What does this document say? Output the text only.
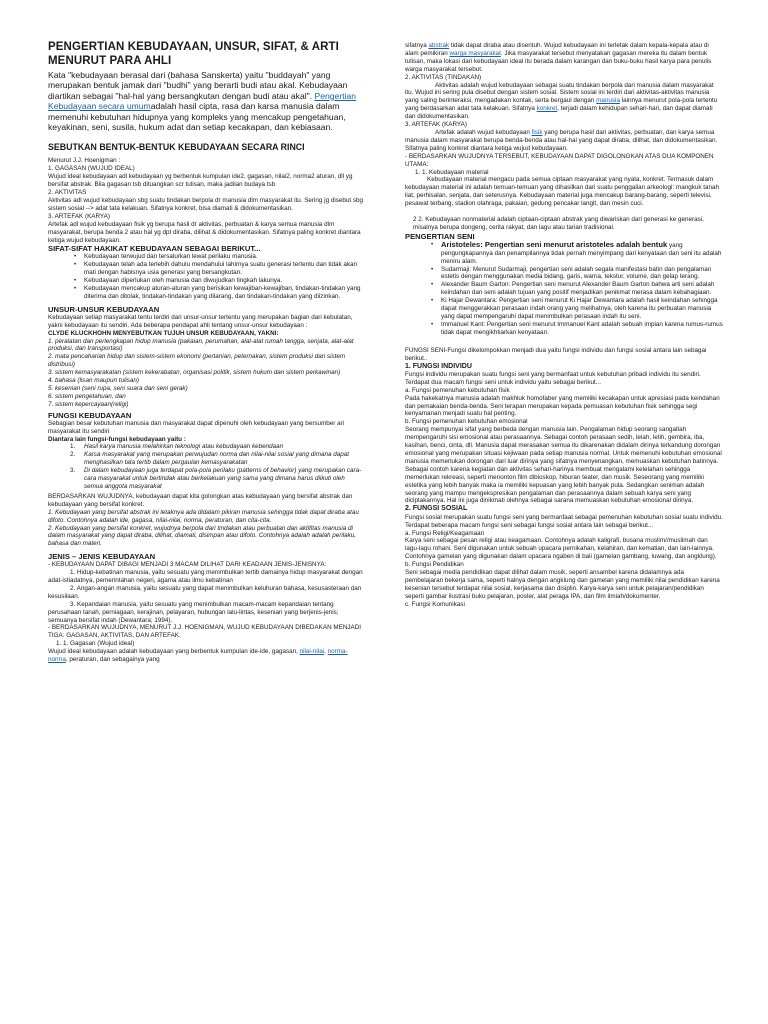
PENGERTIAN KEBUDAYAAN, UNSUR, SIFAT, & ARTI MENURUT PARA AHLI

Kata "kebudayaan berasal dari (bahasa Sanskerta) yaitu "buddayah" yang merupakan bentuk jamak dari "budhi" yang berarti budi atau akal. Kebudayaan diartikan sebagai "hal-hal yang bersangkutan dengan budi atau akal". Pengertian Kebudayaan secara umumadalah hasil cipta, rasa dan karsa manusia dalam memenuhi kebutuhan hidupnya yang kompleks yang mencakup pengetahuan, keyakinan, seni, susila, hukum adat dan setiap kecakapan, dan kebiasaan.

SEBUTKAN BENTUK-BENTUK KEBUDAYAAN SECARA RINCI

Menurut J.J. Hoenigman :

1. GAGASAN (WUJUD IDEAL)

Wujud ideal kebudayaan adl kebudayaan yg berbentuk kumpulan ide2, gagasan, nilai2, norma2 aturan, dll yg bersifat abstrak. Bila gagasan tsb dituangkan scr tulisan, maka jadilan budaya tsb

2. AKTIVITAS

Aktivitas adl wujud kebudayaan sbg suatu tindakan berpola dr manusia dlm masyarakat itu. Sering jg disebut sbg sistem sosial --> adat tata kelakuan. Sifatnya konkret, bisa diamati & didokumentasikan.

3. ARTEFAK (KARYA)

Artefak adl wujud kebudayaan fisik yg berupa hasil dr aktivitas, perbuatan & karya semua manusia dlm masyarakat, berupa benda 2 atau hal yg dpt diraba, dilihat & didokumentasikan. Sifatnya paling konkret diantara ketiga wujud kebudayaan.

SIFAT-SIFAT HAKIKAT KEBUDAYAAN SEBAGAI BERIKUT...

• Kebudayaan terwujud dan tersalurkan lewat perilaku manusia.
• Kebudayaan telah ada terlebih dahulu mendahului lahirnya suatu generasi tertentu dan tidak akan mati dengan habisnya usia generasi yang bersangkutan.
• Kebudayaan diperlukan oleh manusia dan diwujudkan tingkah lakunya.
• Kebudayaan mencakup aturan-aturan yang berisikan kewajiban-kewajiban, tindakan-tindakan yang diterima dan ditolak, tindakan-tindakan yang dilarang, dan tindakan-tindakan yang diizinkan.

UNSUR-UNSUR KEBUDAYAAN

Kebudayaan setiap masyarakat tentu terdiri dari unsur-unsur tertentu yang merupakan bagian dari kebulatan, yakni kebudayaan itu sendiri. Ada beberapa pendapat ahli tentang unsur-unsur kebudayaan :

CLYDE KLUCKHOHN MENYEBUTKAN TUJUH UNSUR KEBUDAYAAN, YAKNI:

1. peralatan dan perlengkapan hidup manusia (pakaian, perumahan, alat-alat rumah tangga, senjata, alat-alat produksi, dan transportasi)

2. mata pencaharian hidup dan sistem-sistem ekonomi (pertanian, peternakan, sistem produksi dan sistem distribusi)

3. sistem kemasyarakatan (sistem kekerabatan, organisasi politik, sistem hukum dan sistem perkawinan)

4. bahasa (lisan maupun tulisan)

5. kesenian (seni rupa, seni suara dan seni gerak)

6. sistem pengetahuan, dan

7. sistem kepercayaan(religi)

FUNGSI KEBUDAYAAN

Sebagian besar kebutuhan manusia dan masyarakat dapat dipenuhi oleh kebudayaan yang bersumber ari masyarakat itu sendiri

Diantara lain fungsi-fungsi kebudayaan yaitu :

1. Hasil karya manusia melahirkan teknologi atau kebudayaan kebendaan
2. Karsa masyarakat yang merupakan perwujudan norma dan nilai-nilai sosial yang dimana dapat menghasilkan tata tertib dalam pergaulan kemasyarakatan
3. Di dalam kebudayaan juga terdapat pola-pola perilaku (patterns of behavior) yang merupakan cara-cara masyarakat untuk bertindak atau berkelakuan yang sama yang dimana harus diikuti oleh semua anggota masyarakat

BERDASARKAN WUJUDNYA, kebudayaan dapat kita golongkan atas kebudayaan yang bersifat abstrak dan kebudayaan yang bersifat konkret.

1. Kebudayaan yang bersifat abstrak ini letaknya ada didalam pikiran manusia sehingga tidak dapat diraba atau difoto. Contohnya adalah ide, gagasa, nilai-nilai, norma, peraturan, dan cita-cita.

2. Kebudayaan yang bersifat konkret, wujudnya berpola dari tindakan atau perbuatan dan aktifitas manusia di dalam masyarakat yang dapat diraba, dilihat, diamati, disimpan atau difoto. Contohnya adalah adalah perilaku, bahasa dan materi.

JENIS – JENIS KEBUDAYAAN

- KEBUDAYAAN DAPAT DIBAGI MENJADI 3 MACAM DILIHAT DARI KEADAAN JENIS-JENISNYA:

1. Hidup-kebatinan manusia, yaitu sesuatu yang menimbulkan tertib damainya hidup masyarakat dengan adat-istiadatnya, pemerintahan negeri, agama atau ilmu kebatinan

2. Angan-angan manusia, yaitu sesuatu yang dapat menimbulkan keluhuran bahasa, kesusasteraan dan kesusilaan.

3. Kepandaian manusia, yaitu sesuatu yang menimbulkan macam-macam kepandaian tentang perusahaan tanah, perniagaan, kerajinan, pelayaran, hubungan lalu-lintas, kesenian yang berjenis-jenis; semuanya bersifat indah (Dewantara; 1994).

- BERDASARKAN WUJUDNYA, MENURUT J.J. HOENIGMAN, WUJUD KEBUDAYAAN DIBEDAKAN MENJADI TIGA: GAGASAN, AKTIVITAS, DAN ARTEFAK.

1. 1. Gagasan (Wujud ideal)

Wujud ideal kebudayaan adalah kebudayaan yang berbentuk kumpulan ide-ide, gagasan, nilai-nilai, norma-norma, peraturan, dan sebagainya yang

sifatnya abstrak tidak dapat diraba atau disentuh. Wujud kebudayaan ini terletak dalam kepala-kepala atau di alam pemikiran warga masyarakat. Jika masyarakat tersebut menyatakan gagasan mereka itu dalam bentuk tulisan, maka lokasi dari kebudayaan ideal itu berada dalam karangan dan buku-buku hasil karya para penulis warga masyarakat tersebut.

2. AKTIVITAS (TINDAKAN)

Aktivitas adalah wujud kebudayaan sebagai suatu tindakan berpola dari manusia dalam masyarakat itu. Wujud ini sering pula disebut dengan sistem sosial. Sistem sosial ini terdiri dari aktivitas-aktivitas manusia yang saling berinteraksi, mengadakan kontak, serta bergaul dengan manusia lainnya menurut pola-pola tertentu yang berdasarkan adat tata kelakuan. Sifatnya konkret, terjadi dalam kehidupan sehari-hari, dan dapat diamati dan didokumentasikan.

3. ARTEFAK (KARYA)

Artefak adalah wujud kebudayaan fisik yang berupa hasil dari aktivitas, perbuatan, dan karya semua manusia dalam masyarakat berupa benda-benda atau hal-hal yang dapat diraba, dilihat, dan didokumentasikan. Sifatnya paling konkret diantara ketiga wujud kebudayaan.

- BERDASARKAN WUJUDNYA TERSEBUT, KEBUDAYAAN DAPAT DIGOLONGKAN ATAS DUA KOMPONEN UTAMA:

1. 1. Kebudayaan material

Kebudayaan material mengacu pada semua ciptaan masyarakat yang nyata, konkret. Termasuk dalam kebudayaan material ini adalah temuan-temuan yang dihasilkan dari suatu penggalian arkeologi: mangkuk tanah liat, perhisalan, senjata, dan seterusnya. Kebudayaan material juga mencakup barang-barang, seperti televisi, pesawat terbang, stadion olahraga, pakaian, gedung pencakar langit, dan mesin cuci.

2 2. Kebudayaan nonmaterial adalah ciptaan-ciptaan abstrak yang diwariskan dari generasi ke generasi, misalnya berupa dongeng, cerita rakyat, dan lagu atau tarian tradisional.

PENGERTIAN SENI

• Aristoteles: Pengertian seni menurut aristoteles adalah bentuk yang pengungkapannya dan penampilannya tidak pernah menyimpang dari kenyataan dan seni itu adalah meniru alam.
• Sudarmaji: Menurut Sudarmaji, pengertian seni adalah segala manifestasi batin dan pengalaman estetis dengan menggunakan media bidang, garis, warna, tekstur, volume, dan gelap terang.
• Alexander Baum Garton: Pengertian seni menurut Alexander Baum Garton bahwa arti seni adalah keindahan dan seni adalah tujuan yang positif menjadikan penikmat merasa dalam kebahagiaan.
• Ki Hajar Dewantara: Pengertian seni menurut Ki Hajar Dewantara adalah hasil keindahan sehingga dapat menggerakkan perasaan indah orang yang melihatnya, oleh karena itu perbuatan manusia yang dapat mempengaruhi dapat menimbulkan perasaan indah itu seni.
• Immanuel Kant: Pengertian seni menurut Immanuel Kant adalah sebuah impian karena rumus-rumus tidak dapat mengikhtiarkan kenyataan.

FUNGSI SENI-Fungsi dikelompokkan menjadi dua yaitu fungsi individu dan fungsi sosial antara lain sebagai berikut..

1. FUNGSI INDIVIDU

Fungsi individu merupakan suatu fungsi seni yang bermanfaat untuk kebutuhan pribadi individu itu sendiri. Terdapat dua macam fungsi seni untuk individu yaitu sebagai berikut...

a. Fungsi pemenuhan kebutuhan fisik

Pada hakekatnya manusia adalah makhluk homofaber yang memiliki kecakapan untuk apresiasi pada keindahan dan pemakaian benda-benda. Seni terapan merupakan kepada pemuasan kebutuhan fisik sehingga segi kenyamanan menjadi suatu hal penting.

b. Fungsi pemenuhan kebutuhan emosional

Seorang mempunyai sifat yang berbeda dengan manusia lain. Pengalaman hidup seorang sangatlah mempengaruhi sisi emosional atau perasaannya. Sebagai contoh perasaan sedih, lelah, letih, gembira, iba, kasihan, benci, cinta, dll. Manusia dapat merasakan semua itu dikarenakan didalam dirinya terkandung dorongan emosional yang merupakan situasi kejiwaan pada setiap manusia normal. Untuk memenuhi kebutuhan emosional manusia memerlukan dorongan dari luar dirinya yang sifatnya menyenangkan, memuaskan kebutuhan batinnya. Sebagai contoh karena kegiatan dan aktivitas sehari-harinya membuat mengalami kelelahan sehingga memerlukan rekreasi, seperti menonton film dibioskop, hiburan teater, dan musik. Seseorang yang memiliki estetika yang lebih banyak maka ia memiliki kepuasan yang lebih banyak pula. Sedangkan seniman adalah seorang yang mampu mengekspresikan pengalaman dan perasaannya dalam sebuah karya seni yang diciptakannya. Hal ini juga dinikmati olehnya sebagai sarana memuaskan kebutuhan emosional dirinya.

2. FUNGSI SOSIAL

Fungsi sosial merupakan suatu fungsi seni yang bermanfaat sebagai pemenuhan kebutuhan sosial suatu individu. Terdapat beberapa macam fungsi seni sebagai fungsi sosial antara lain sebagai berikut...

a. Fungsi Religi/Keagamaan

Karya seni sebagai pesan religi atau keagamaan. Contohnya adalah kaligrafi, busana muslim//muslimah dan lagu-lagu rohani. Seni digunakan untuk sebuah upacara pernikahan, kelahiran, dan kematian, dan lain-lainnya. Contohnya gamelan yang digunakan dalam upacara ngaben di bali (gamelan gambang, luwang, dan angklung).

b. Fungsi Pendidikan

Seni sebagai media pendidikan dapat dilihat dalam musik, seperti ansambel karena didalamnya ada pembelajaran bekerja sama, seperti halnya dengan angklung dan gamelan yang memiliki nilai pendidikan karena kesenian tersebut terdapat nilai sosial, kerjasama dan disiplin. Karya-karya seni untuk pelajaran/pendidikan seperti gambar ilustrasi buku pelajaran, poster, alat peraga IPA, dan film ilmiah/dokumenter.

c. Fungsi Komunikasi
